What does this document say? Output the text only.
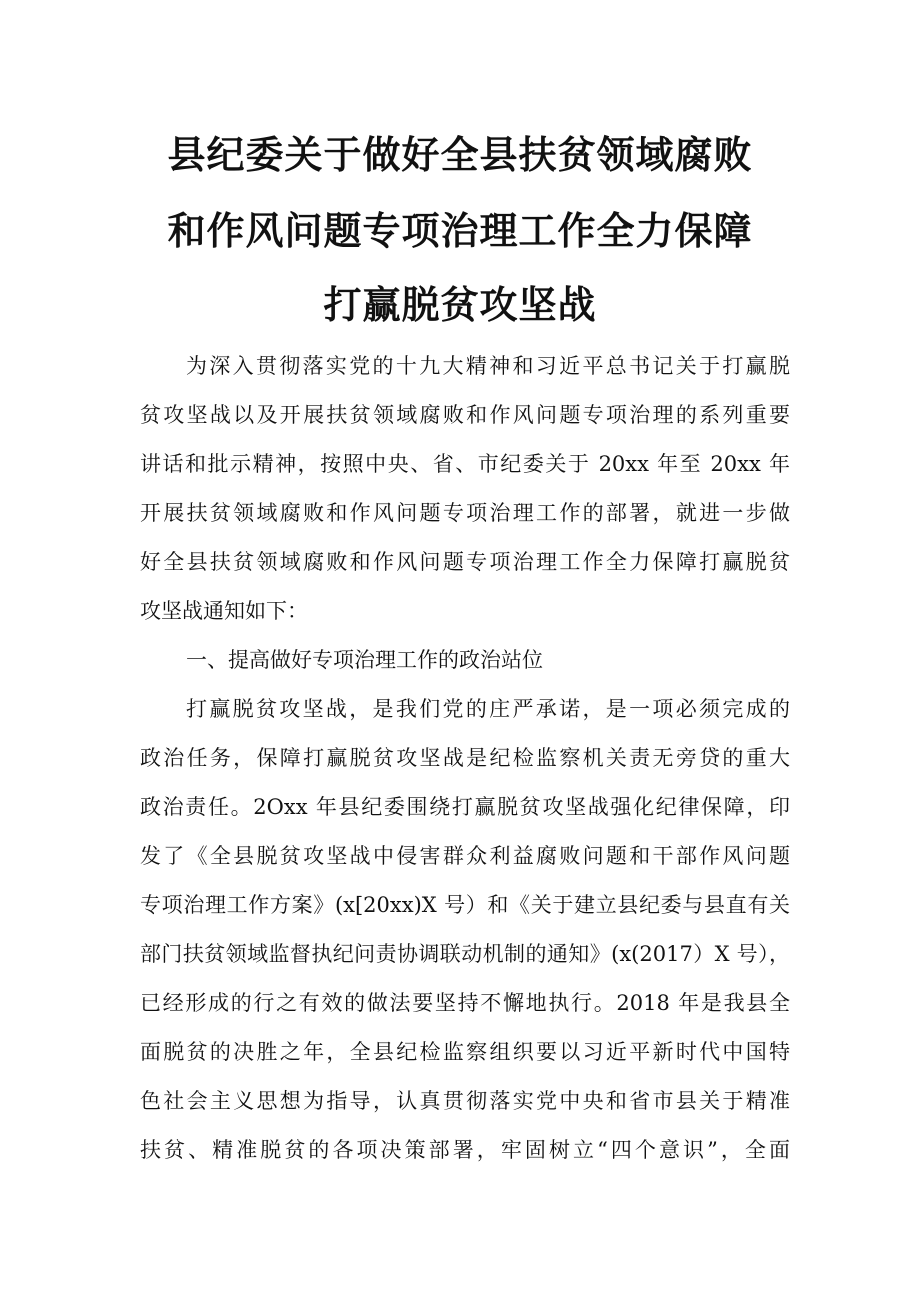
县纪委关于做好全县扶贫领域腐败
和作风问题专项治理工作全力保障
打赢脱贫攻坚战
为深入贯彻落实党的十九大精神和习近平总书记关于打赢脱
贫攻坚战以及开展扶贫领域腐败和作风问题专项治理的系列重要
讲话和批示精神，按照中央、省、市纪委关于 20xx 年至 20xx 年
开展扶贫领域腐败和作风问题专项治理工作的部署，就进一步做
好全县扶贫领域腐败和作风问题专项治理工作全力保障打赢脱贫
攻坚战通知如下：
一、提高做好专项治理工作的政治站位
打赢脱贫攻坚战，是我们党的庄严承诺，是一项必须完成的
政治任务，保障打赢脱贫攻坚战是纪检监察机关责无旁贷的重大
政治责任。2Oxx 年县纪委围绕打赢脱贫攻坚战强化纪律保障，印
发了《全县脱贫攻坚战中侵害群众利益腐败问题和干部作风问题
专项治理工作方案》(x[20xx)X 号）和《关于建立县纪委与县直有关
部门扶贫领域监督执纪问责协调联动机制的通知》(x(2017）X 号），
已经形成的行之有效的做法要坚持不懈地执行。2018 年是我县全
面脱贫的决胜之年，全县纪检监察组织要以习近平新时代中国特
色社会主义思想为指导，认真贯彻落实党中央和省市县关于精准
扶贫、精准脱贫的各项决策部署，牢固树立“四个意识”，全面
